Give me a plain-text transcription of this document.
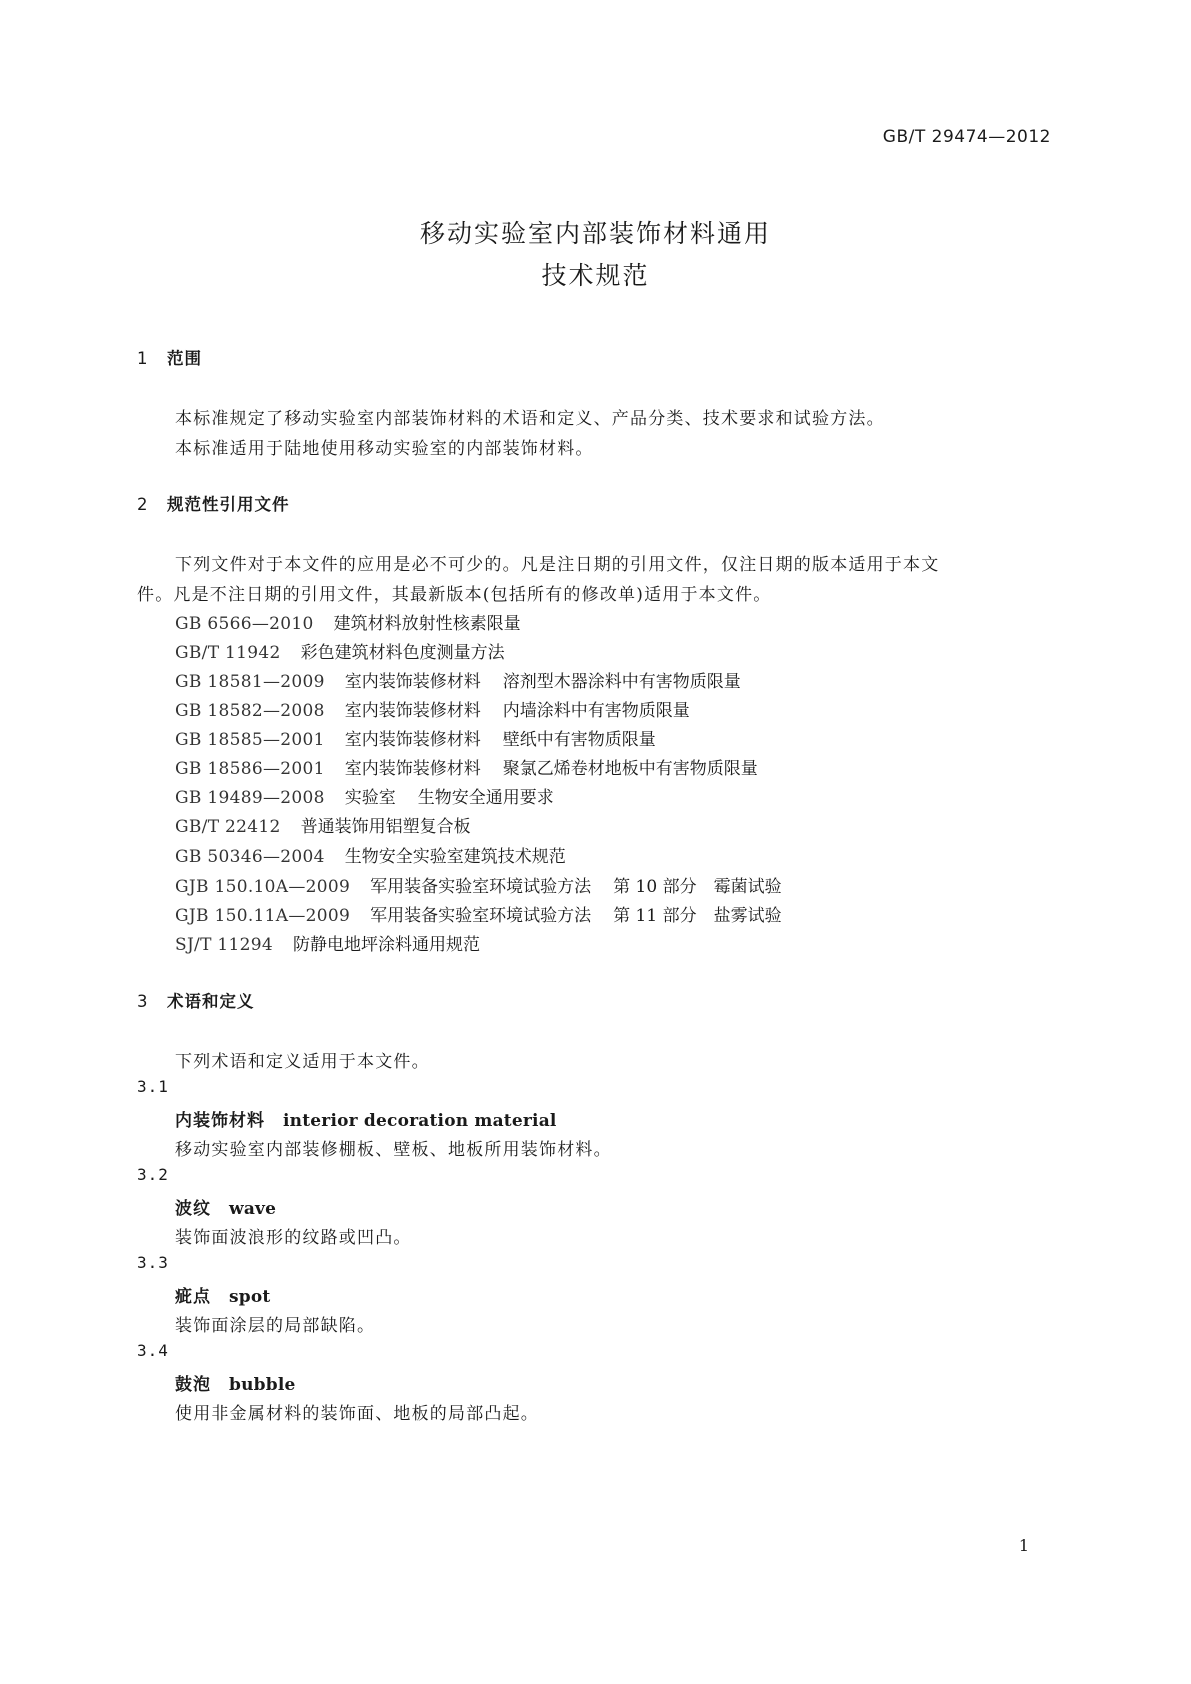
GB/T 29474—2012
移动实验室内部装饰材料通用
技术规范
1 范围
本标准规定了移动实验室内部装饰材料的术语和定义、产品分类、技术要求和试验方法。
本标准适用于陆地使用移动实验室的内部装饰材料。
2 规范性引用文件
下列文件对于本文件的应用是必不可少的。凡是注日期的引用文件，仅注日期的版本适用于本文
件。凡是不注日期的引用文件，其最新版本(包括所有的修改单)适用于本文件。
GB 6566—2010 建筑材料放射性核素限量
GB/T 11942 彩色建筑材料色度测量方法
GB 18581—2009 室内装饰装修材料 溶剂型木器涂料中有害物质限量
GB 18582—2008 室内装饰装修材料 内墙涂料中有害物质限量
GB 18585—2001 室内装饰装修材料 壁纸中有害物质限量
GB 18586—2001 室内装饰装修材料 聚氯乙烯卷材地板中有害物质限量
GB 19489—2008 实验室 生物安全通用要求
GB/T 22412 普通装饰用铝塑复合板
GB 50346—2004 生物安全实验室建筑技术规范
GJB 150.10A—2009 军用装备实验室环境试验方法 第 10 部分　霉菌试验
GJB 150.11A—2009 军用装备实验室环境试验方法 第 11 部分　盐雾试验
SJ/T 11294 防静电地坪涂料通用规范
3 术语和定义
下列术语和定义适用于本文件。
3.1
内装饰材料 interior decoration material
移动实验室内部装修棚板、壁板、地板所用装饰材料。
3.2
波纹 wave
装饰面波浪形的纹路或凹凸。
3.3
疵点 spot
装饰面涂层的局部缺陷。
3.4
鼓泡 bubble
使用非金属材料的装饰面、地板的局部凸起。
1
